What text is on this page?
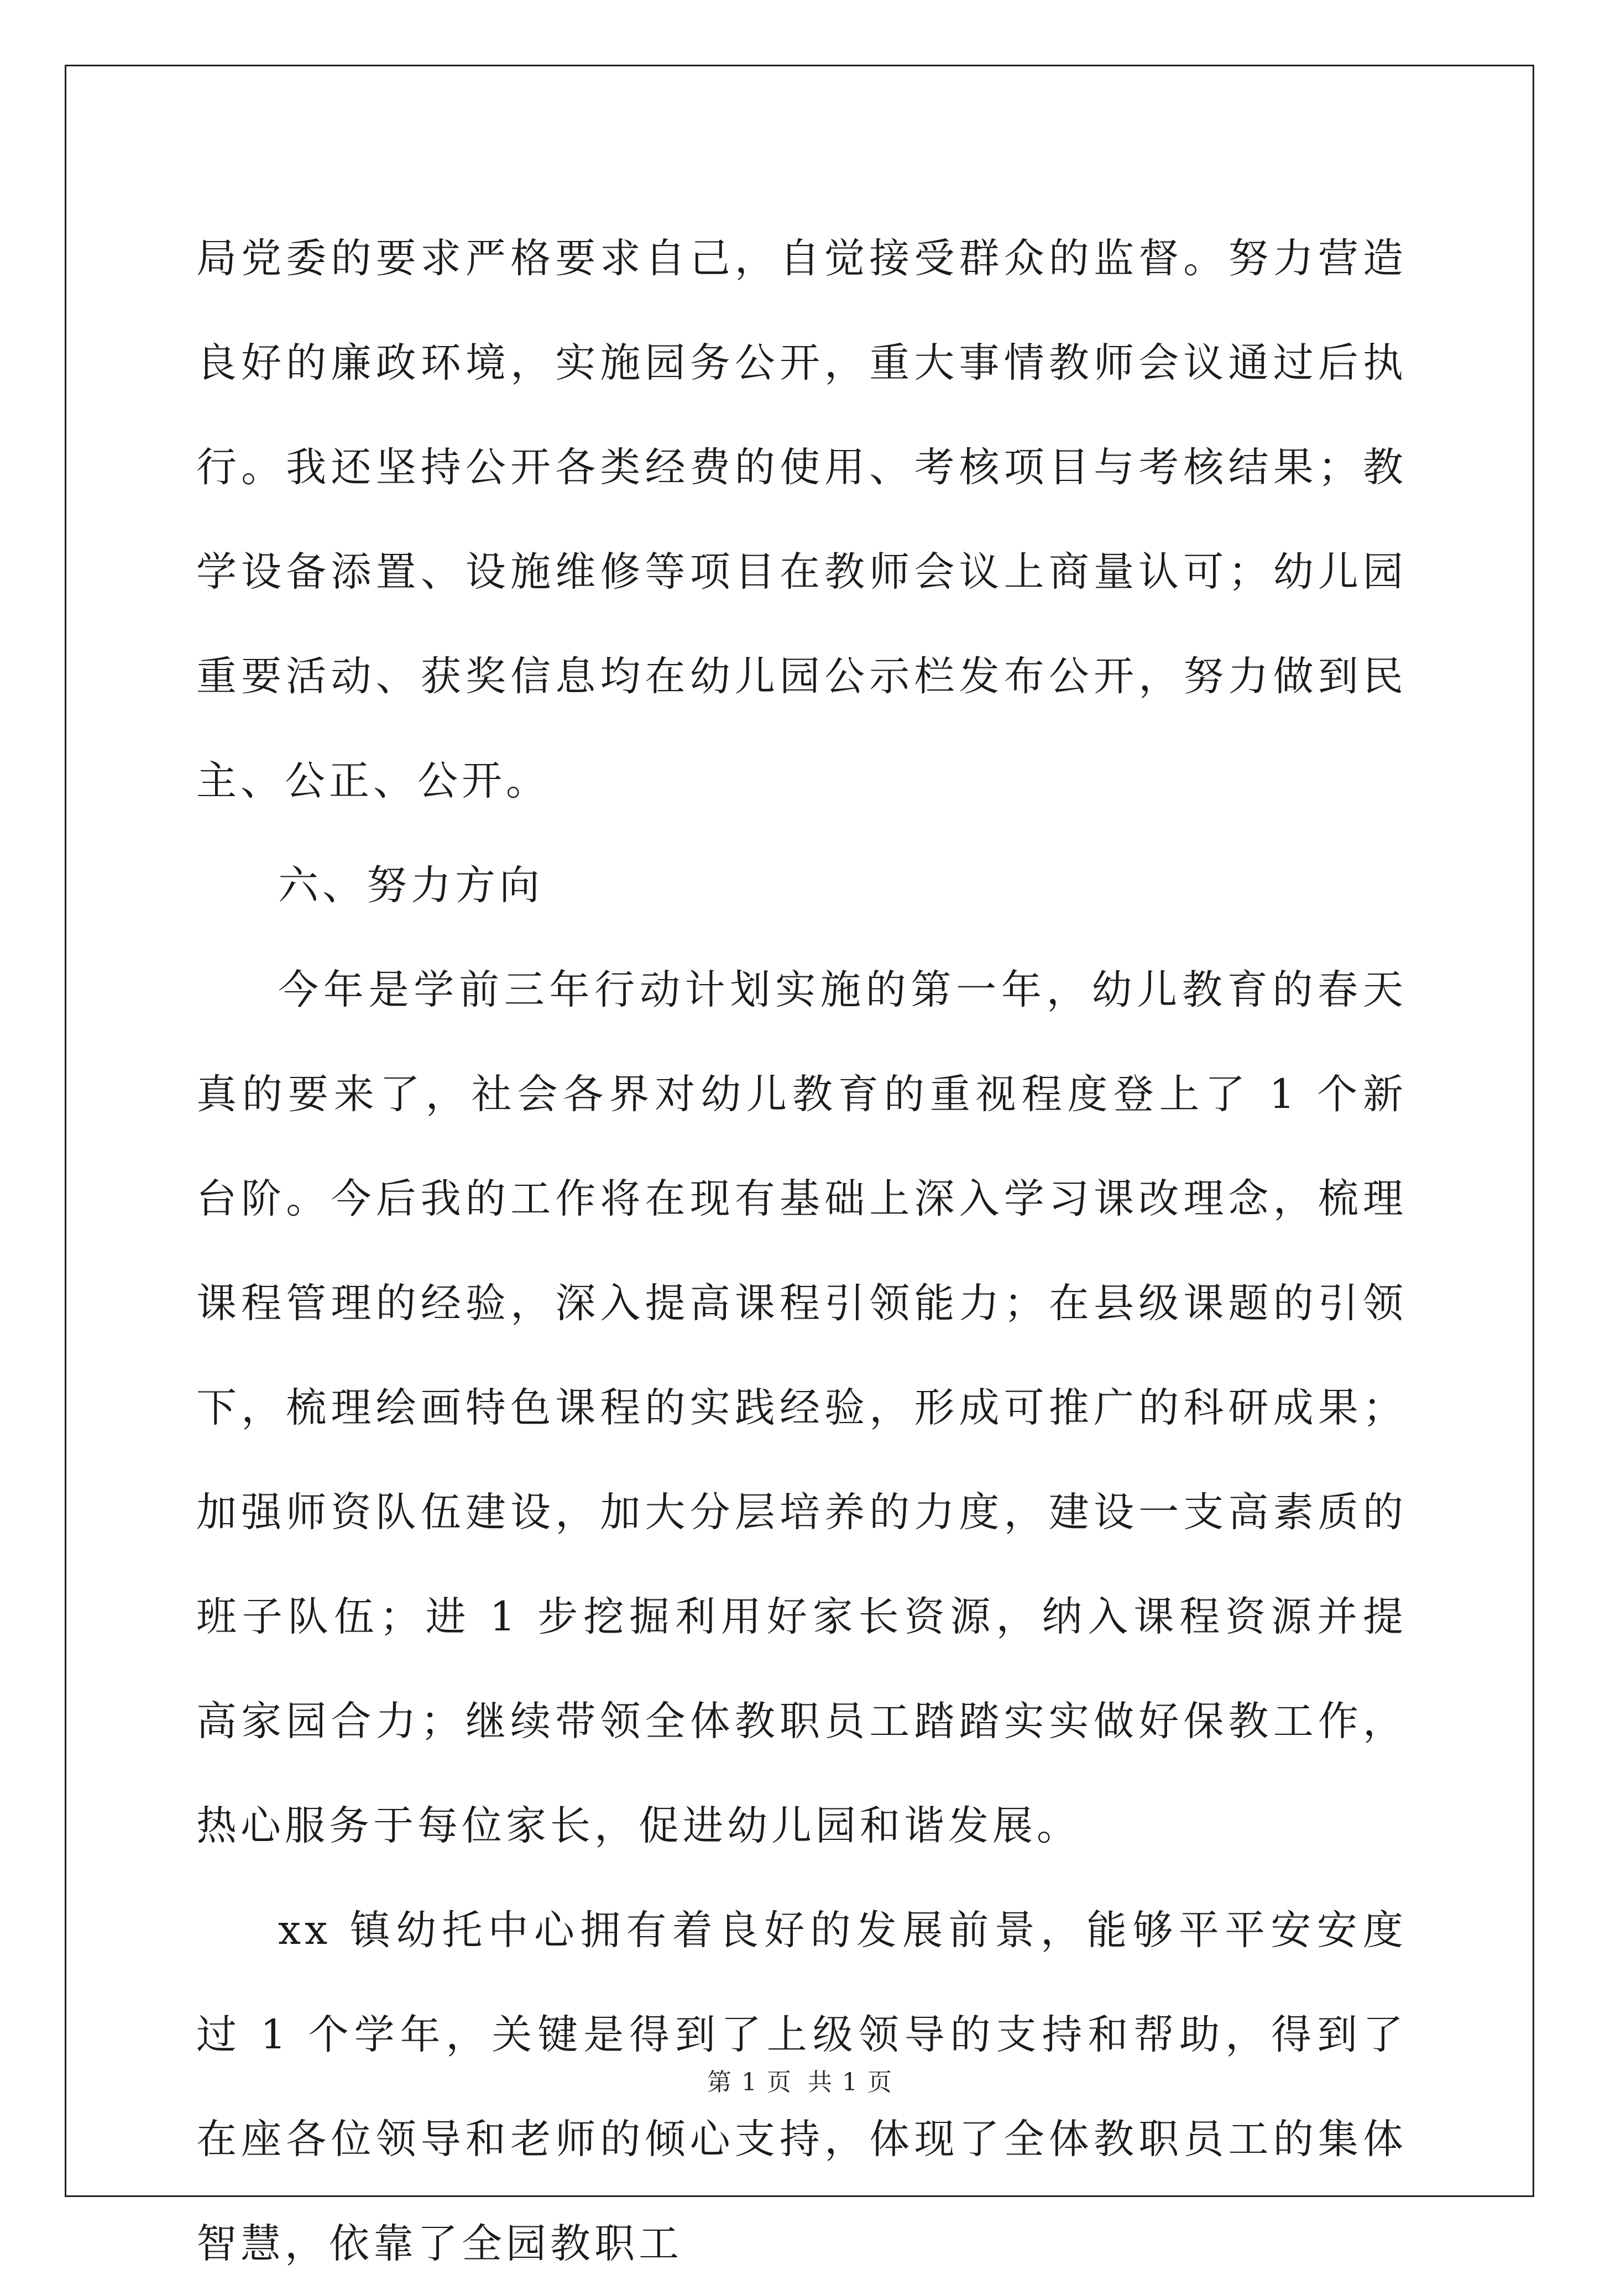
局党委的要求严格要求自己，自觉接受群众的监督。努力营造良好的廉政环境，实施园务公开，重大事情教师会议通过后执行。我还坚持公开各类经费的使用、考核项目与考核结果；教学设备添置、设施维修等项目在教师会议上商量认可；幼儿园重要活动、获奖信息均在幼儿园公示栏发布公开，努力做到民主、公正、公开。

六、努力方向

今年是学前三年行动计划实施的第一年，幼儿教育的春天真的要来了，社会各界对幼儿教育的重视程度登上了 1 个新台阶。今后我的工作将在现有基础上深入学习课改理念，梳理课程管理的经验，深入提高课程引领能力；在县级课题的引领下，梳理绘画特色课程的实践经验，形成可推广的科研成果；加强师资队伍建设，加大分层培养的力度，建设一支高素质的班子队伍；进 1 步挖掘利用好家长资源，纳入课程资源并提高家园合力；继续带领全体教职员工踏踏实实做好保教工作，热心服务于每位家长，促进幼儿园和谐发展。

xx 镇幼托中心拥有着良好的发展前景，能够平平安安度过 1 个学年，关键是得到了上级领导的支持和帮助，得到了在座各位领导和老师的倾心支持，体现了全体教职员工的集体智慧，依靠了全园教职工

第 1 页 共 1 页
